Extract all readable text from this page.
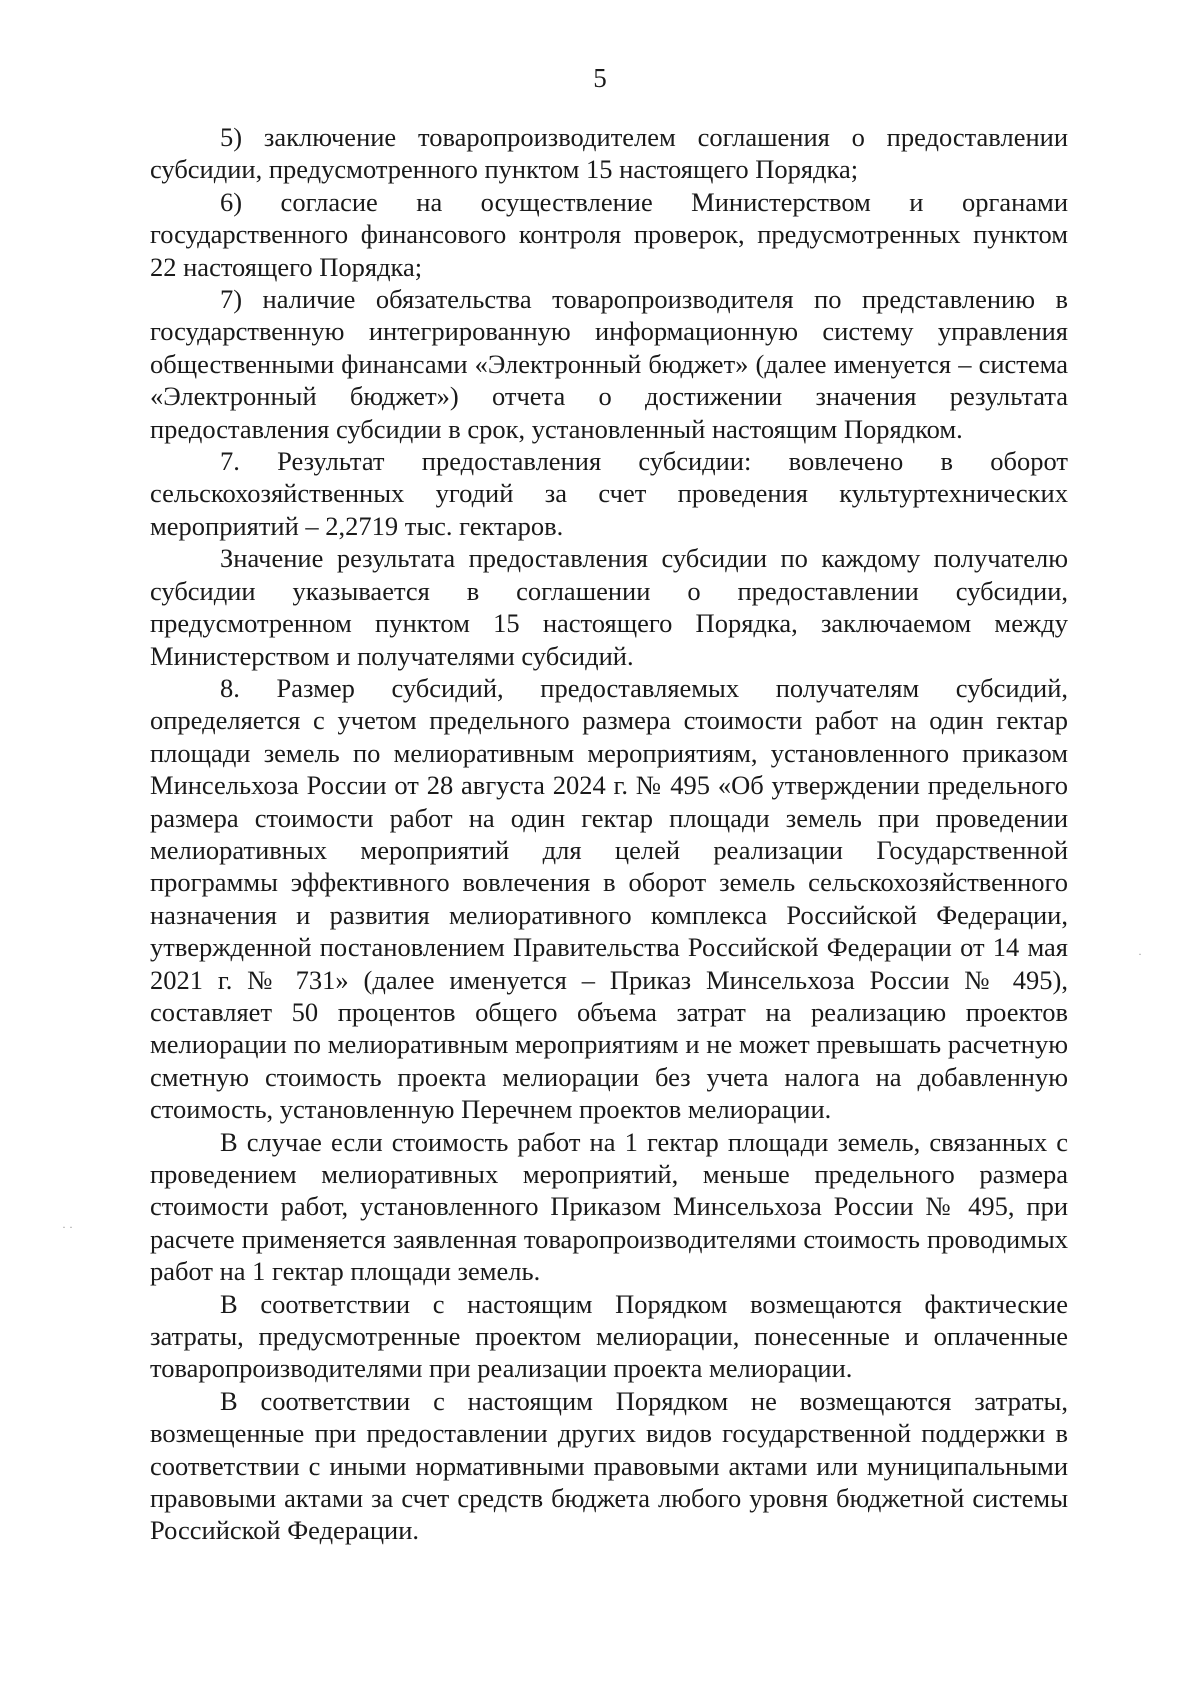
5

5) заключение товаропроизводителем соглашения о предоставлении субсидии, предусмотренного пунктом 15 настоящего Порядка;

6) согласие на осуществление Министерством и органами государственного финансового контроля проверок, предусмотренных пунктом 22 настоящего Порядка;

7) наличие обязательства товаропроизводителя по представлению в государственную интегрированную информационную систему управления общественными финансами «Электронный бюджет» (далее именуется – система «Электронный бюджет») отчета о достижении значения результата предоставления субсидии в срок, установленный настоящим Порядком.

7. Результат предоставления субсидии: вовлечено в оборот сельскохозяйственных угодий за счет проведения культуртехнических мероприятий – 2,2719 тыс. гектаров.

Значение результата предоставления субсидии по каждому получателю субсидии указывается в соглашении о предоставлении субсидии, предусмотренном пунктом 15 настоящего Порядка, заключаемом между Министерством и получателями субсидий.

8. Размер субсидий, предоставляемых получателям субсидий, определяется с учетом предельного размера стоимости работ на один гектар площади земель по мелиоративным мероприятиям, установленного приказом Минсельхоза России от 28 августа 2024 г. № 495 «Об утверждении предельного размера стоимости работ на один гектар площади земель при проведении мелиоративных мероприятий для целей реализации Государственной программы эффективного вовлечения в оборот земель сельскохозяйственного назначения и развития мелиоративного комплекса Российской Федерации, утвержденной постановлением Правительства Российской Федерации от 14 мая 2021 г. № 731» (далее именуется – Приказ Минсельхоза России № 495), составляет 50 процентов общего объема затрат на реализацию проектов мелиорации по мелиоративным мероприятиям и не может превышать расчетную сметную стоимость проекта мелиорации без учета налога на добавленную стоимость, установленную Перечнем проектов мелиорации.

В случае если стоимость работ на 1 гектар площади земель, связанных с проведением мелиоративных мероприятий, меньше предельного размера стоимости работ, установленного Приказом Минсельхоза России № 495, при расчете применяется заявленная товаропроизводителями стоимость проводимых работ на 1 гектар площади земель.

В соответствии с настоящим Порядком возмещаются фактические затраты, предусмотренные проектом мелиорации, понесенные и оплаченные товаропроизводителями при реализации проекта мелиорации.

В соответствии с настоящим Порядком не возмещаются затраты, возмещенные при предоставлении других видов государственной поддержки в соответствии с иными нормативными правовыми актами или муниципальными правовыми актами за счет средств бюджета любого уровня бюджетной системы Российской Федерации.

·
· ·
